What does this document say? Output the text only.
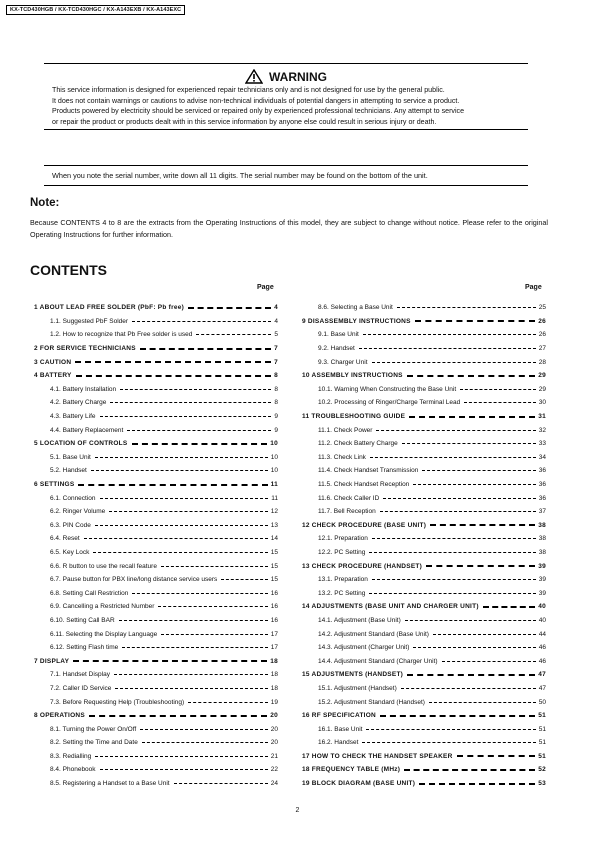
KX-TCD430HGB / KX-TCD430HGC / KX-A143EXB / KX-A143EXC
WARNING
This service information is designed for experienced repair technicians only and is not designed for use by the general public.
It does not contain warnings or cautions to advise non-technical individuals of potential dangers in attempting to service a product.
Products powered by electricity should be serviced or repaired only by experienced professional technicians. Any attempt to service
or repair the product or products dealt with in this service information by anyone else could result in serious injury or death.
When you note the serial number, write down all 11 digits. The serial number may be found on the bottom of the unit.
Note:
Because CONTENTS 4 to 8 are the extracts from the Operating Instructions of this model, they are subject to change without notice. Please refer to the original Operating Instructions for further information.
CONTENTS
Page	Page
1 ABOUT LEAD FREE SOLDER (PbF: Pb free)	4
1.1. Suggested PbF Solder	4
1.2. How to recognize that Pb Free solder is used	5
2 FOR SERVICE TECHNICIANS	7
3 CAUTION	7
4 BATTERY	8
4.1. Battery Installation	8
4.2. Battery Charge	8
4.3. Battery Life	9
4.4. Battery Replacement	9
5 LOCATION OF CONTROLS	10
5.1. Base Unit	10
5.2. Handset	10
6 SETTINGS	11
6.1. Connection	11
6.2. Ringer Volume	12
6.3. PIN Code	13
6.4. Reset	14
6.5. Key Lock	15
6.6. R button to use the recall feature	15
6.7. Pause button for PBX line/long distance service users	15
6.8. Setting Call Restriction	16
6.9. Cancelling a Restricted Number	16
6.10. Setting Call BAR	16
6.11. Selecting the Display Language	17
6.12. Setting Flash time	17
7 DISPLAY	18
7.1. Handset Display	18
7.2. Caller ID Service	18
7.3. Before Requesting Help (Troubleshooting)	19
8 OPERATIONS	20
8.1. Turning the Power On/Off	20
8.2. Setting the Time and Date	20
8.3. Redialling	21
8.4. Phonebook	22
8.5. Registering a Handset to a Base Unit	24
8.6. Selecting a Base Unit	25
9 DISASSEMBLY INSTRUCTIONS	26
9.1. Base Unit	26
9.2. Handset	27
9.3. Charger Unit	28
10 ASSEMBLY INSTRUCTIONS	29
10.1. Warning When Constructing the Base Unit	29
10.2. Processing of Ringer/Charge Terminal Lead	30
11 TROUBLESHOOTING GUIDE	31
11.1. Check Power	32
11.2. Check Battery Charge	33
11.3. Check Link	34
11.4. Check Handset Transmission	36
11.5. Check Handset Reception	36
11.6. Check Caller ID	36
11.7. Bell Reception	37
12 CHECK PROCEDURE (BASE UNIT)	38
12.1. Preparation	38
12.2. PC Setting	38
13 CHECK PROCEDURE (HANDSET)	39
13.1. Preparation	39
13.2. PC Setting	39
14 ADJUSTMENTS (BASE UNIT AND CHARGER UNIT)	40
14.1. Adjustment (Base Unit)	40
14.2. Adjustment Standard (Base Unit)	44
14.3. Adjustment (Charger Unit)	46
14.4. Adjustment Standard (Charger Unit)	46
15 ADJUSTMENTS (HANDSET)	47
15.1. Adjustment (Handset)	47
15.2. Adjustment Standard (Handset)	50
16 RF SPECIFICATION	51
16.1. Base Unit	51
16.2. Handset	51
17 HOW TO CHECK THE HANDSET SPEAKER	51
18 FREQUENCY TABLE (MHz)	52
19 BLOCK DIAGRAM (BASE UNIT)	53
2
